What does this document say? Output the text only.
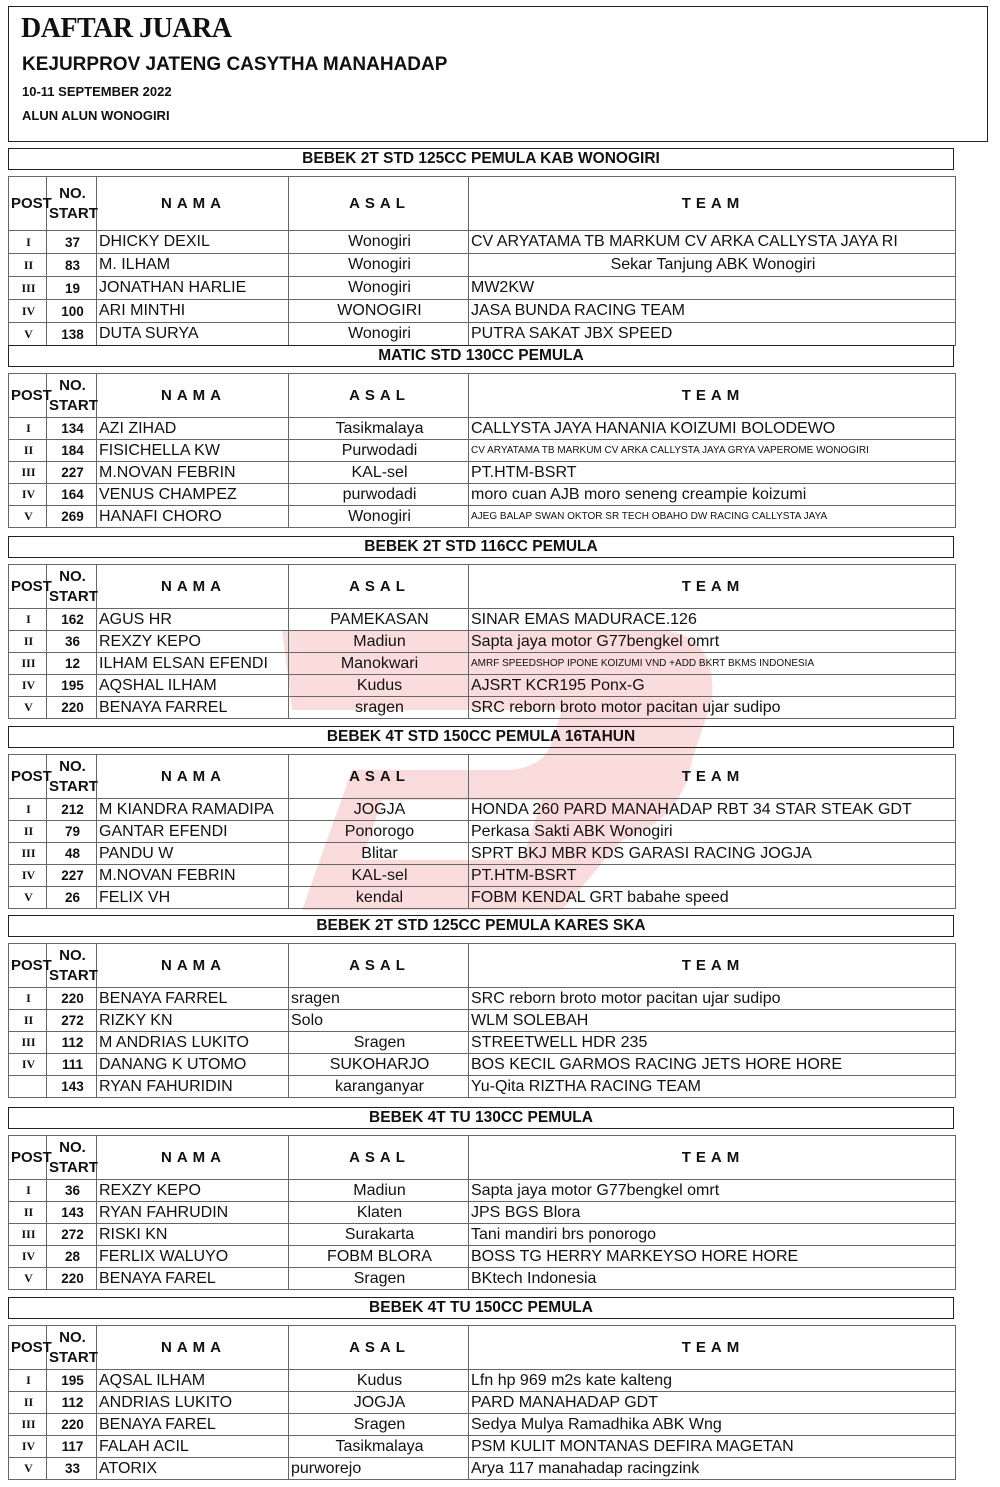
DAFTAR JUARA
KEJURPROV JATENG CASYTHA MANAHADAP
10-11 SEPTEMBER 2022
ALUN ALUN WONOGIRI
BEBEK 2T STD 125CC PEMULA KAB WONOGIRI
POST	NO.
START	NAMA	ASAL	TEAM
I	37	DHICKY DEXIL	Wonogiri	CV ARYATAMA TB MARKUM CV ARKA CALLYSTA JAYA RI
II	83	M. ILHAM	Wonogiri	Sekar Tanjung ABK Wonogiri
III	19	JONATHAN HARLIE	Wonogiri	MW2KW
IV	100	ARI MINTHI	WONOGIRI	JASA BUNDA RACING TEAM
V	138	DUTA SURYA	Wonogiri	PUTRA SAKAT JBX SPEED
MATIC STD 130CC PEMULA
POST	NO.
START	NAMA	ASAL	TEAM
I	134	AZI ZIHAD	Tasikmalaya	CALLYSTA JAYA HANANIA KOIZUMI BOLODEWO
II	184	FISICHELLA KW	Purwodadi	CV ARYATAMA TB MARKUM CV ARKA CALLYSTA JAYA GRYA VAPEROME WONOGIRI
III	227	M.NOVAN FEBRIN	KAL-sel	PT.HTM-BSRT
IV	164	VENUS CHAMPEZ	purwodadi	moro cuan AJB moro seneng creampie koizumi
V	269	HANAFI CHORO	Wonogiri	AJEG BALAP SWAN OKTOR SR TECH OBAHO DW RACING CALLYSTA JAYA
BEBEK 2T STD 116CC PEMULA
POST	NO.
START	NAMA	ASAL	TEAM
I	162	AGUS HR	PAMEKASAN	SINAR EMAS MADURACE.126
II	36	REXZY KEPO	Madiun	Sapta jaya motor G77bengkel omrt
III	12	ILHAM ELSAN EFENDI	Manokwari	AMRF SPEEDSHOP IPONE KOIZUMI VND +ADD BKRT BKMS INDONESIA
IV	195	AQSHAL ILHAM	Kudus	AJSRT KCR195 Ponx-G
V	220	BENAYA FARREL	sragen	SRC reborn broto motor pacitan ujar sudipo
BEBEK 4T STD 150CC PEMULA 16TAHUN
POST	NO.
START	NAMA	ASAL	TEAM
I	212	M KIANDRA RAMADIPA	JOGJA	HONDA 260 PARD MANAHADAP RBT 34 STAR STEAK GDT
II	79	GANTAR EFENDI	Ponorogo	Perkasa Sakti ABK Wonogiri
III	48	PANDU W	Blitar	SPRT BKJ MBR KDS GARASI RACING JOGJA
IV	227	M.NOVAN FEBRIN	KAL-sel	PT.HTM-BSRT
V	26	FELIX VH	kendal	FOBM KENDAL GRT babahe speed
BEBEK 2T STD 125CC PEMULA KARES SKA
POST	NO.
START	NAMA	ASAL	TEAM
I	220	BENAYA FARREL	sragen	SRC reborn broto motor pacitan ujar sudipo
II	272	RIZKY KN	Solo	WLM SOLEBAH
III	112	M ANDRIAS LUKITO	Sragen	STREETWELL HDR 235
IV	111	DANANG K UTOMO	SUKOHARJO	BOS KECIL GARMOS RACING JETS HORE HORE
	143	RYAN FAHURIDIN	karanganyar	Yu-Qita RIZTHA RACING TEAM
BEBEK 4T TU 130CC PEMULA
POST	NO.
START	NAMA	ASAL	TEAM
I	36	REXZY KEPO	Madiun	Sapta jaya motor G77bengkel omrt
II	143	RYAN FAHRUDIN	Klaten	JPS BGS Blora
III	272	RISKI KN	Surakarta	Tani mandiri brs ponorogo
IV	28	FERLIX WALUYO	FOBM BLORA	BOSS TG HERRY MARKEYSO HORE HORE
V	220	BENAYA FAREL	Sragen	BKtech Indonesia
BEBEK 4T TU 150CC PEMULA
POST	NO.
START	NAMA	ASAL	TEAM
I	195	AQSAL ILHAM	Kudus	Lfn hp 969 m2s kate kalteng
II	112	ANDRIAS LUKITO	JOGJA	PARD MANAHADAP GDT
III	220	BENAYA FAREL	Sragen	Sedya Mulya Ramadhika ABK Wng
IV	117	FALAH ACIL	Tasikmalaya	PSM KULIT MONTANAS DEFIRA MAGETAN
V	33	ATORIX	purworejo	Arya 117 manahadap racingzink
